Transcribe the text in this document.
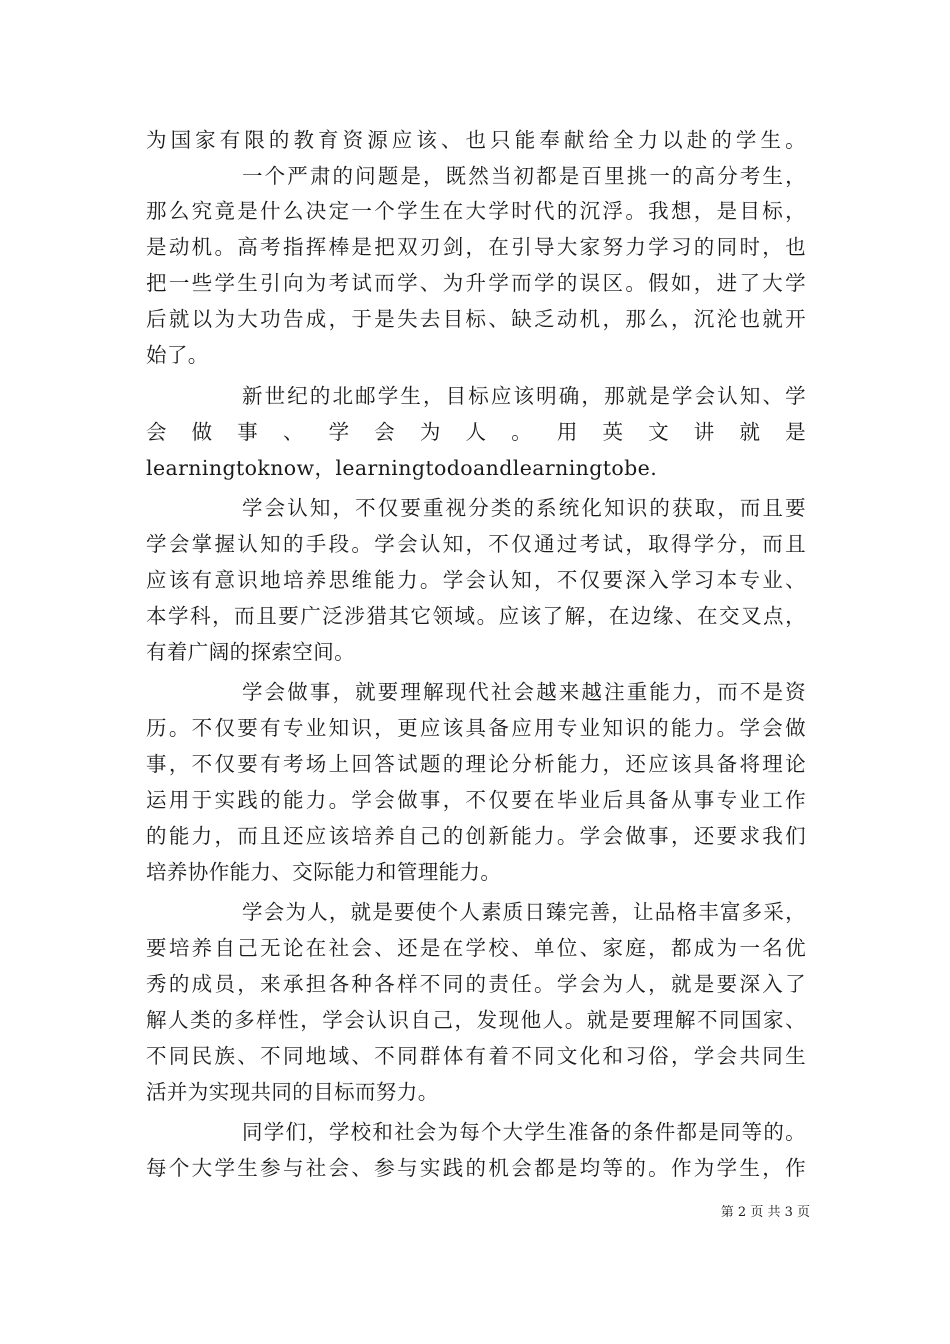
为国家有限的教育资源应该、也只能奉献给全力以赴的学生。
一个严肃的问题是，既然当初都是百里挑一的高分考生，
那么究竟是什么决定一个学生在大学时代的沉浮。我想，是目标，
是动机。高考指挥棒是把双刃剑，在引导大家努力学习的同时，也
把一些学生引向为考试而学、为升学而学的误区。假如，进了大学
后就以为大功告成，于是失去目标、缺乏动机，那么，沉沦也就开
始了。
新世纪的北邮学生，目标应该明确，那就是学会认知、学
会做事、学会为人。用英文讲就是
learningtoknow，learningtodoandlearningtobe.
学会认知，不仅要重视分类的系统化知识的获取，而且要
学会掌握认知的手段。学会认知，不仅通过考试，取得学分，而且
应该有意识地培养思维能力。学会认知，不仅要深入学习本专业、
本学科，而且要广泛涉猎其它领域。应该了解，在边缘、在交叉点，
有着广阔的探索空间。
学会做事，就要理解现代社会越来越注重能力，而不是资
历。不仅要有专业知识，更应该具备应用专业知识的能力。学会做
事，不仅要有考场上回答试题的理论分析能力，还应该具备将理论
运用于实践的能力。学会做事，不仅要在毕业后具备从事专业工作
的能力，而且还应该培养自己的创新能力。学会做事，还要求我们
培养协作能力、交际能力和管理能力。
学会为人，就是要使个人素质日臻完善，让品格丰富多采，
要培养自己无论在社会、还是在学校、单位、家庭，都成为一名优
秀的成员，来承担各种各样不同的责任。学会为人，就是要深入了
解人类的多样性，学会认识自己，发现他人。就是要理解不同国家、
不同民族、不同地域、不同群体有着不同文化和习俗，学会共同生
活并为实现共同的目标而努力。
同学们，学校和社会为每个大学生准备的条件都是同等的。
每个大学生参与社会、参与实践的机会都是均等的。作为学生，作
第 2 页 共 3 页
